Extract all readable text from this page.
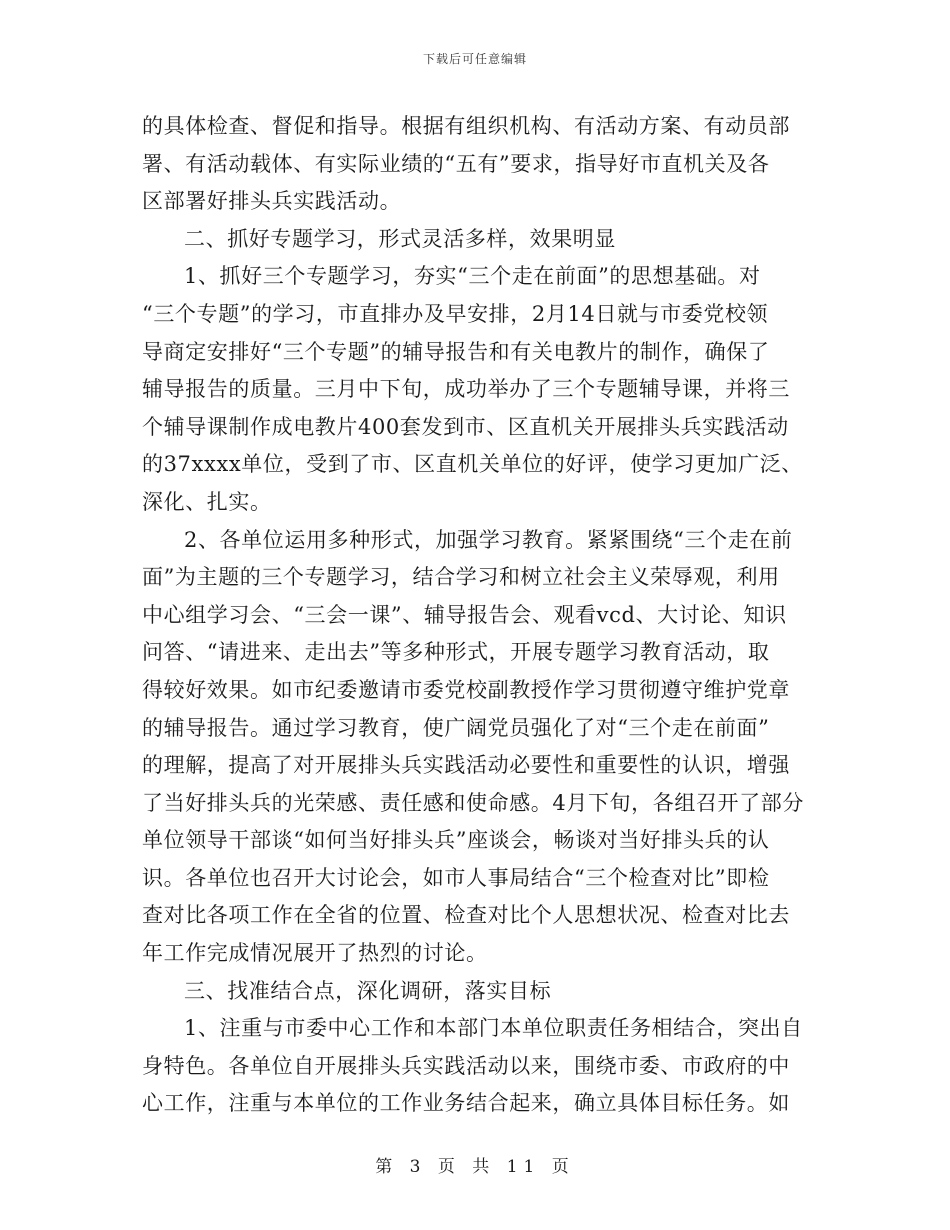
下载后可任意编辑
的具体检查、督促和指导。根据有组织机构、有活动方案、有动员部
署、有活动载体、有实际业绩的“五有”要求，指导好市直机关及各
区部署好排头兵实践活动。
二、抓好专题学习，形式灵活多样，效果明显
1、抓好三个专题学习，夯实“三个走在前面”的思想基础。对
“三个专题”的学习，市直排办及早安排，2月14日就与市委党校领
导商定安排好“三个专题”的辅导报告和有关电教片的制作，确保了
辅导报告的质量。三月中下旬，成功举办了三个专题辅导课，并将三
个辅导课制作成电教片400套发到市、区直机关开展排头兵实践活动
的37xxxx单位，受到了市、区直机关单位的好评，使学习更加广泛、
深化、扎实。
2、各单位运用多种形式，加强学习教育。紧紧围绕“三个走在前
面”为主题的三个专题学习，结合学习和树立社会主义荣辱观，利用
中心组学习会、“三会一课”、辅导报告会、观看vcd、大讨论、知识
问答、“请进来、走出去”等多种形式，开展专题学习教育活动，取
得较好效果。如市纪委邀请市委党校副教授作学习贯彻遵守维护党章
的辅导报告。通过学习教育，使广阔党员强化了对“三个走在前面”
的理解，提高了对开展排头兵实践活动必要性和重要性的认识，增强
了当好排头兵的光荣感、责任感和使命感。4月下旬，各组召开了部分
单位领导干部谈“如何当好排头兵”座谈会，畅谈对当好排头兵的认
识。各单位也召开大讨论会，如市人事局结合“三个检查对比”即检
查对比各项工作在全省的位置、检查对比个人思想状况、检查对比去
年工作完成情况展开了热烈的讨论。
三、找准结合点，深化调研，落实目标
1、注重与市委中心工作和本部门本单位职责任务相结合，突出自
身特色。各单位自开展排头兵实践活动以来，围绕市委、市政府的中
心工作，注重与本单位的工作业务结合起来，确立具体目标任务。如
第 3 页 共 11 页
